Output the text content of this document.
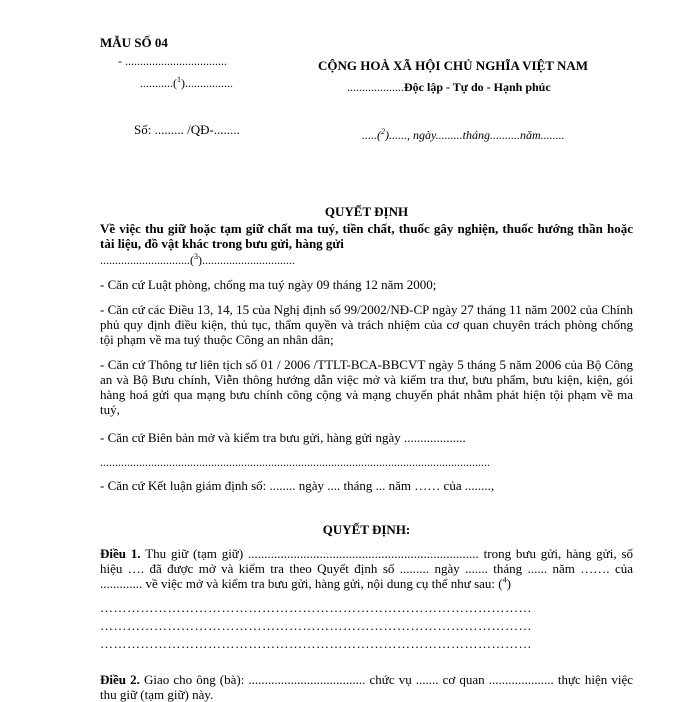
MẪU SỐ 04
- ..................................
...........($^1$)................
Số: ......... /QĐ-........
CỘNG HOÀ XÃ HỘI CHỦ NGHĨA VIỆT NAM
...................Độc lập - Tự do - Hạnh phúc
.....($^2$)......, ngày.........tháng..........năm........
QUYẾT ĐỊNH
Về việc thu giữ hoặc tạm giữ chất ma tuý, tiền chất, thuốc gây nghiện, thuốc hướng thần hoặc tài liệu, đồ vật khác trong bưu gửi, hàng gửi
..............................($^3$)...............................
- Căn cứ Luật phòng, chống ma tuý ngày 09 tháng 12 năm 2000;
- Căn cứ các Điều 13, 14, 15 của Nghị định số 99/2002/NĐ-CP ngày 27 tháng 11 năm 2002 của Chính phủ quy định điều kiện, thủ tục, thẩm quyền và trách nhiệm của cơ quan chuyên trách phòng chống tội phạm về ma tuý thuộc Công an nhân dân;
- Căn cứ Thông tư liên tịch số 01 / 2006 /TTLT-BCA-BBCVT ngày 5 tháng 5 năm 2006 của Bộ Công an và Bộ Bưu chính, Viễn thông hướng dẫn việc mở và kiểm tra thư, bưu phẩm, bưu kiện, kiện, gói hàng hoá gửi qua mạng bưu chính công cộng và mạng chuyển phát nhằm phát hiện tội phạm về ma tuý,
- Căn cứ Biên bản mở và kiểm tra bưu gửi, hàng gửi ngày ...................
..................................................................................................................................
- Căn cứ Kết luận giám định số: ........ ngày .... tháng ... năm …… của ........,
QUYẾT ĐỊNH:
Điều 1. Thu giữ (tạm giữ) ....................................................................... trong bưu gửi, hàng gửi, số hiệu …. đã được mở và kiểm tra theo Quyết định số ......... ngày ....... tháng ...... năm ……. của ............. về việc mở và kiểm tra bưu gửi, hàng gửi, nội dung cụ thể như sau: ($^4$)
……………………………………………………………………………………
……………………………………………………………………………………
……………………………………………………………………………………
Điều 2. Giao cho ông (bà): .................................... chức vụ ....... cơ quan .................... thực hiện việc thu giữ (tạm giữ) này.
